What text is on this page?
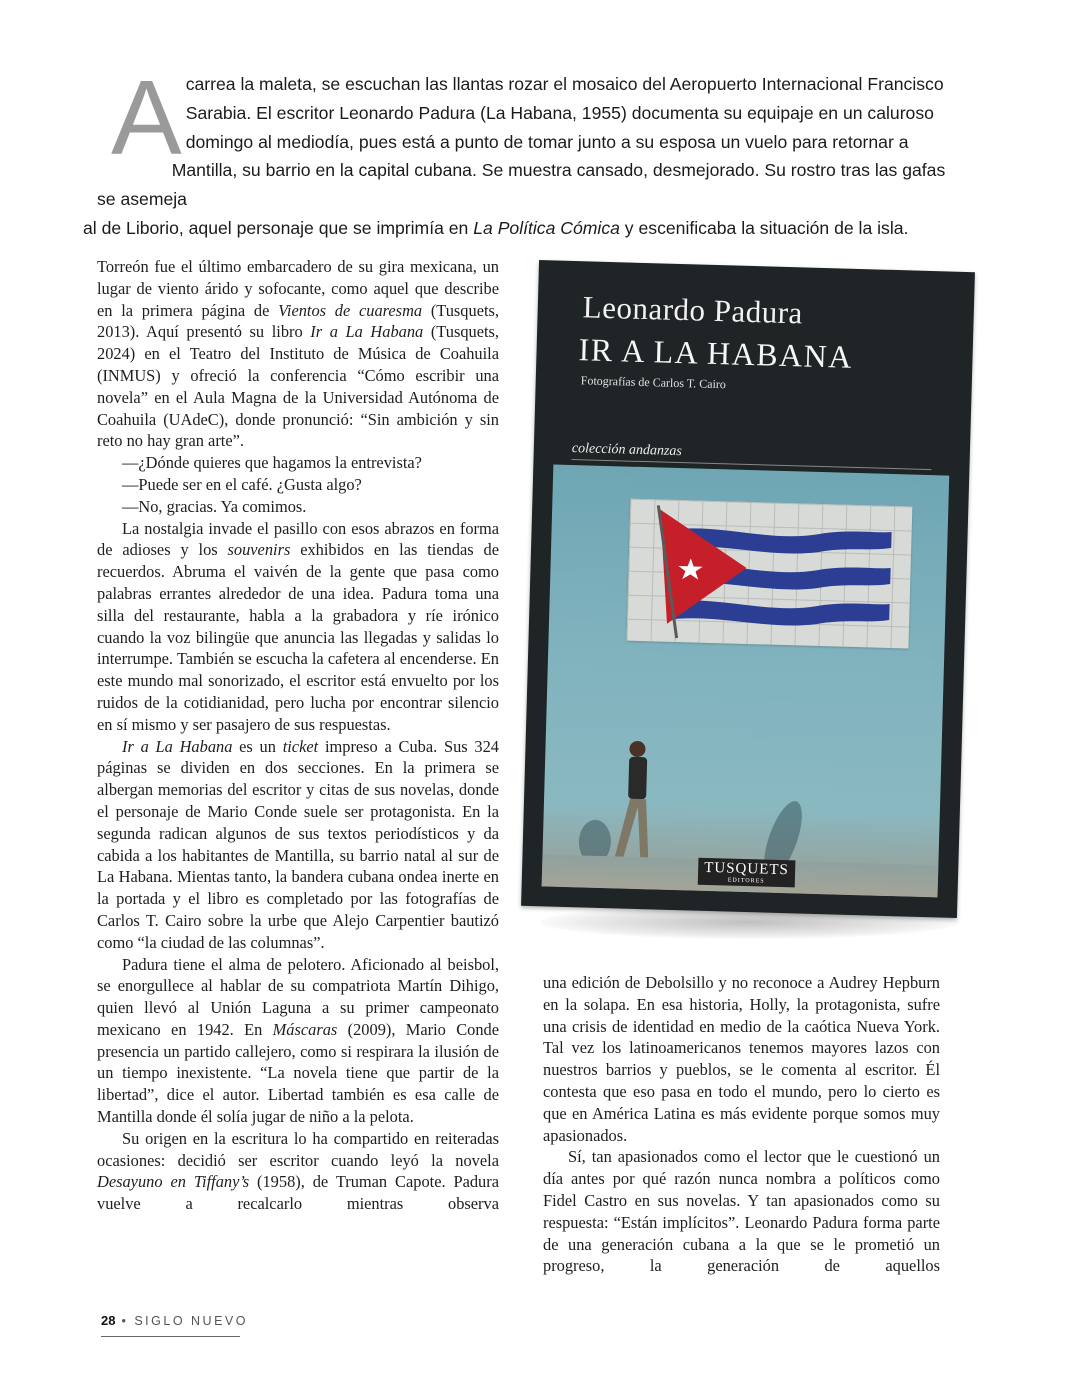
A carrea la maleta, se escuchan las llantas rozar el mosaico del Aeropuerto Internacional Francisco
Sarabia. El escritor Leonardo Padura (La Habana, 1955) documenta su equipaje en un caluroso
domingo al mediodía, pues está a punto de tomar junto a su esposa un vuelo para retornar a
Mantilla, su barrio en la capital cubana. Se muestra cansado, desmejorado. Su rostro tras las gafas se asemeja
al de Liborio, aquel personaje que se imprimía en La Política Cómica y escenificaba la situación de la isla.

Torreón fue el último embarcadero de su gira mexicana, un lugar de viento árido y sofocante, como aquel que describe en la primera página de Vientos de cuaresma (Tusquets, 2013). Aquí presentó su libro Ir a La Habana (Tusquets, 2024) en el Teatro del Instituto de Música de Coahuila (INMUS) y ofreció la conferencia “Cómo escribir una novela” en el Aula Magna de la Universidad Autónoma de Coahuila (UAdeC), donde pronunció: “Sin ambición y sin reto no hay gran arte”.

—¿Dónde quieres que hagamos la entrevista?

—Puede ser en el café. ¿Gusta algo?

—No, gracias. Ya comimos.

La nostalgia invade el pasillo con esos abrazos en forma de adioses y los souvenirs exhibidos en las tiendas de recuerdos. Abruma el vaivén de la gente que pasa como palabras errantes alrededor de una idea. Padura toma una silla del restaurante, habla a la grabadora y ríe irónico cuando la voz bilingüe que anuncia las llegadas y salidas lo interrumpe. También se escucha la cafetera al encenderse. En este mundo mal sonorizado, el escritor está envuelto por los ruidos de la cotidianidad, pero lucha por encontrar silencio en sí mismo y ser pasajero de sus respuestas.

Ir a La Habana es un ticket impreso a Cuba. Sus 324 páginas se dividen en dos secciones. En la primera se albergan memorias del escritor y citas de sus novelas, donde el personaje de Mario Conde suele ser protagonista. En la segunda radican algunos de sus textos periodísticos y da cabida a los habitantes de Mantilla, su barrio natal al sur de La Habana. Mientas tanto, la bandera cubana ondea inerte en la portada y el libro es completado por las fotografías de Carlos T. Cairo sobre la urbe que Alejo Carpentier bautizó como “la ciudad de las columnas”.

Padura tiene el alma de pelotero. Aficionado al beisbol, se enorgullece al hablar de su compatriota Martín Dihigo, quien llevó al Unión Laguna a su primer campeonato mexicano en 1942. En Máscaras (2009), Mario Conde presencia un partido callejero, como si respirara la ilusión de un tiempo inexistente. “La novela tiene que partir de la libertad”, dice el autor. Libertad también es esa calle de Mantilla donde él solía jugar de niño a la pelota.

Su origen en la escritura lo ha compartido en reiteradas ocasiones: decidió ser escritor cuando leyó la novela Desayuno en Tiffany’s (1958), de Truman Capote. Padura vuelve a recalcarlo mientras observa

Leonardo Padura
IR A LA HABANA
Fotografías de Carlos T. Cairo
colección andanzas
TUSQUETS
EDITORES

una edición de Debolsillo y no reconoce a Audrey Hepburn en la solapa. En esa historia, Holly, la protagonista, sufre una crisis de identidad en medio de la caótica Nueva York. Tal vez los latinoamericanos tenemos mayores lazos con nuestros barrios y pueblos, se le comenta al escritor. Él contesta que eso pasa en todo el mundo, pero lo cierto es que en América Latina es más evidente porque somos muy apasionados.

Sí, tan apasionados como el lector que le cuestionó un día antes por qué razón nunca nombra a políticos como Fidel Castro en sus novelas. Y tan apasionados como su respuesta: “Están implícitos”. Leonardo Padura forma parte de una generación cubana a la que se le prometió un progreso, la generación de aquellos

28 • SIGLO NUEVO
